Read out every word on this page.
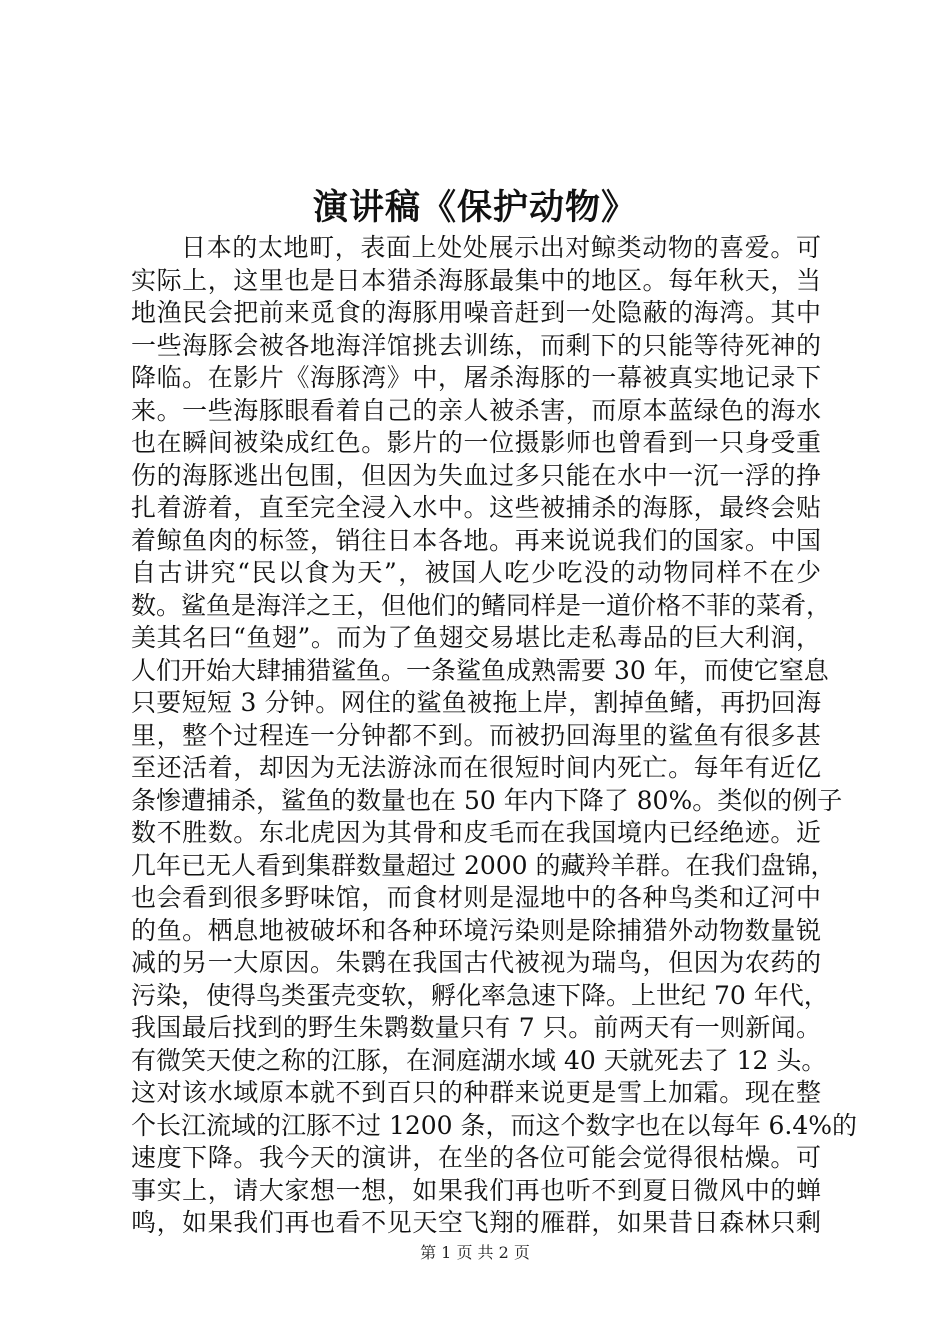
演讲稿《保护动物》
日本的太地町，表面上处处展示出对鲸类动物的喜爱。可
实际上，这里也是日本猎杀海豚最集中的地区。每年秋天，当
地渔民会把前来觅食的海豚用噪音赶到一处隐蔽的海湾。其中
一些海豚会被各地海洋馆挑去训练，而剩下的只能等待死神的
降临。在影片《海豚湾》中，屠杀海豚的一幕被真实地记录下
来。一些海豚眼看着自己的亲人被杀害，而原本蓝绿色的海水
也在瞬间被染成红色。影片的一位摄影师也曾看到一只身受重
伤的海豚逃出包围，但因为失血过多只能在水中一沉一浮的挣
扎着游着，直至完全浸入水中。这些被捕杀的海豚，最终会贴
着鲸鱼肉的标签，销往日本各地。再来说说我们的国家。中国
自古讲究“民以食为天”，被国人吃少吃没的动物同样不在少
数。鲨鱼是海洋之王，但他们的鳍同样是一道价格不菲的菜肴，
美其名曰“鱼翅”。而为了鱼翅交易堪比走私毒品的巨大利润，
人们开始大肆捕猎鲨鱼。一条鲨鱼成熟需要 30 年，而使它窒息
只要短短 3 分钟。网住的鲨鱼被拖上岸，割掉鱼鳍，再扔回海
里，整个过程连一分钟都不到。而被扔回海里的鲨鱼有很多甚
至还活着，却因为无法游泳而在很短时间内死亡。每年有近亿
条惨遭捕杀，鲨鱼的数量也在 50 年内下降了 80%。类似的例子
数不胜数。东北虎因为其骨和皮毛而在我国境内已经绝迹。近
几年已无人看到集群数量超过 2000 的藏羚羊群。在我们盘锦，
也会看到很多野味馆，而食材则是湿地中的各种鸟类和辽河中
的鱼。栖息地被破坏和各种环境污染则是除捕猎外动物数量锐
减的另一大原因。朱鹮在我国古代被视为瑞鸟，但因为农药的
污染，使得鸟类蛋壳变软，孵化率急速下降。上世纪 70 年代，
我国最后找到的野生朱鹮数量只有 7 只。前两天有一则新闻。
有微笑天使之称的江豚，在洞庭湖水域 40 天就死去了 12 头。
这对该水域原本就不到百只的种群来说更是雪上加霜。现在整
个长江流域的江豚不过 1200 条，而这个数字也在以每年 6.4%的
速度下降。我今天的演讲，在坐的各位可能会觉得很枯燥。可
事实上，请大家想一想，如果我们再也听不到夏日微风中的蝉
鸣，如果我们再也看不见天空飞翔的雁群，如果昔日森林只剩
第 1 页 共 2 页
